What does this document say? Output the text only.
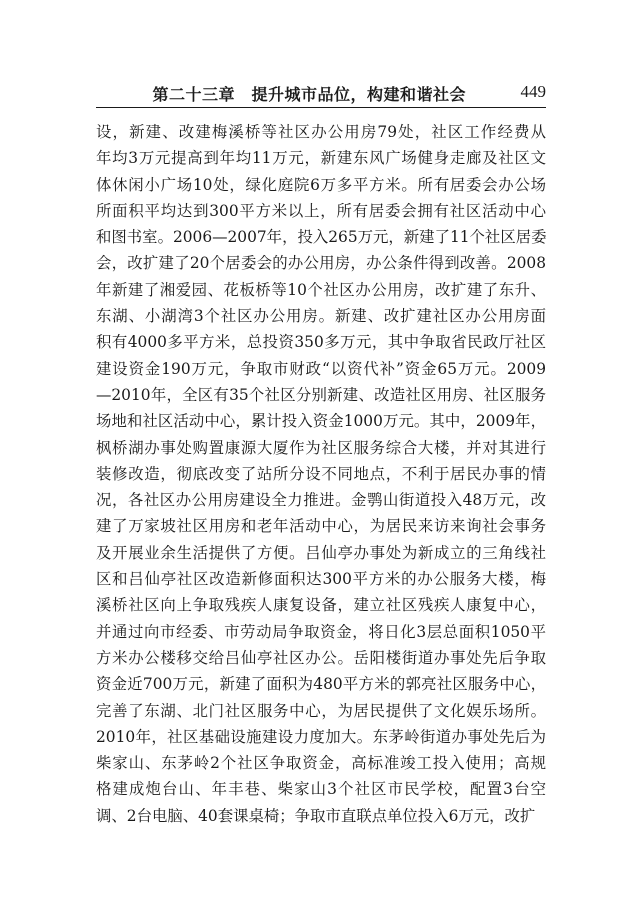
第二十三章　提升城市品位，构建和谐社会	449
设，新建、改建梅溪桥等社区办公用房79处，社区工作经费从
年均3万元提高到年均11万元，新建东风广场健身走廊及社区文
体休闲小广场10处，绿化庭院6万多平方米。所有居委会办公场
所面积平均达到300平方米以上，所有居委会拥有社区活动中心
和图书室。2006—2007年，投入265万元，新建了11个社区居委
会，改扩建了20个居委会的办公用房，办公条件得到改善。2008
年新建了湘爱园、花板桥等10个社区办公用房，改扩建了东升、
东湖、小湖湾3个社区办公用房。新建、改扩建社区办公用房面
积有4000多平方米，总投资350多万元，其中争取省民政厅社区
建设资金190万元，争取市财政“以资代补”资金65万元。2009
—2010年，全区有35个社区分别新建、改造社区用房、社区服务
场地和社区活动中心，累计投入资金1000万元。其中，2009年，
枫桥湖办事处购置康源大厦作为社区服务综合大楼，并对其进行
装修改造，彻底改变了站所分设不同地点，不利于居民办事的情
况，各社区办公用房建设全力推进。金鹗山街道投入48万元，改
建了万家坡社区用房和老年活动中心，为居民来访来询社会事务
及开展业余生活提供了方便。吕仙亭办事处为新成立的三角线社
区和吕仙亭社区改造新修面积达300平方米的办公服务大楼，梅
溪桥社区向上争取残疾人康复设备，建立社区残疾人康复中心，
并通过向市经委、市劳动局争取资金，将日化3层总面积1050平
方米办公楼移交给吕仙亭社区办公。岳阳楼街道办事处先后争取
资金近700万元，新建了面积为480平方米的郭亮社区服务中心，
完善了东湖、北门社区服务中心，为居民提供了文化娱乐场所。
2010年，社区基础设施建设力度加大。东茅岭街道办事处先后为
柴家山、东茅岭2个社区争取资金，高标准竣工投入使用；高规
格建成炮台山、年丰巷、柴家山3个社区市民学校，配置3台空
调、2台电脑、40套课桌椅；争取市直联点单位投入6万元，改扩
